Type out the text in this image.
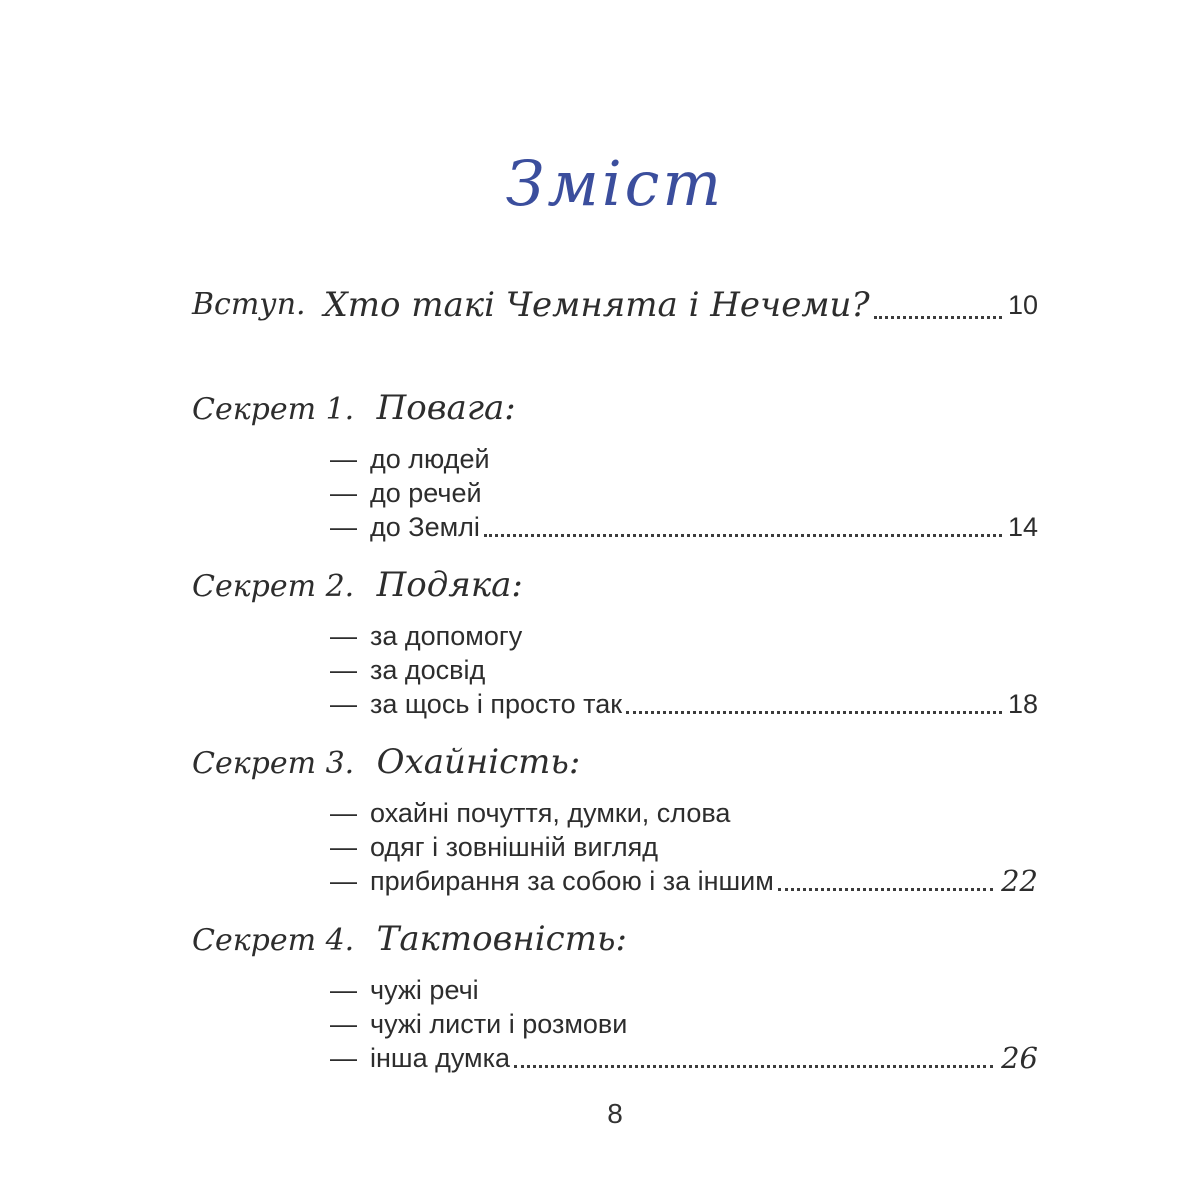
Зміст
Вступ. Хто такі Чемнята і Нечеми?	10
Секрет 1. Повага:
— до людей
— до речей
— до Землі	14
Секрет 2. Подяка:
— за допомогу
— за досвід
— за щось і просто так	18
Секрет 3. Охайність:
— охайні почуття, думки, слова
— одяг і зовнішній вигляд
— прибирання за собою і за іншим	22
Секрет 4. Тактовність:
— чужі речі
— чужі листи і розмови
— інша думка	26
8
